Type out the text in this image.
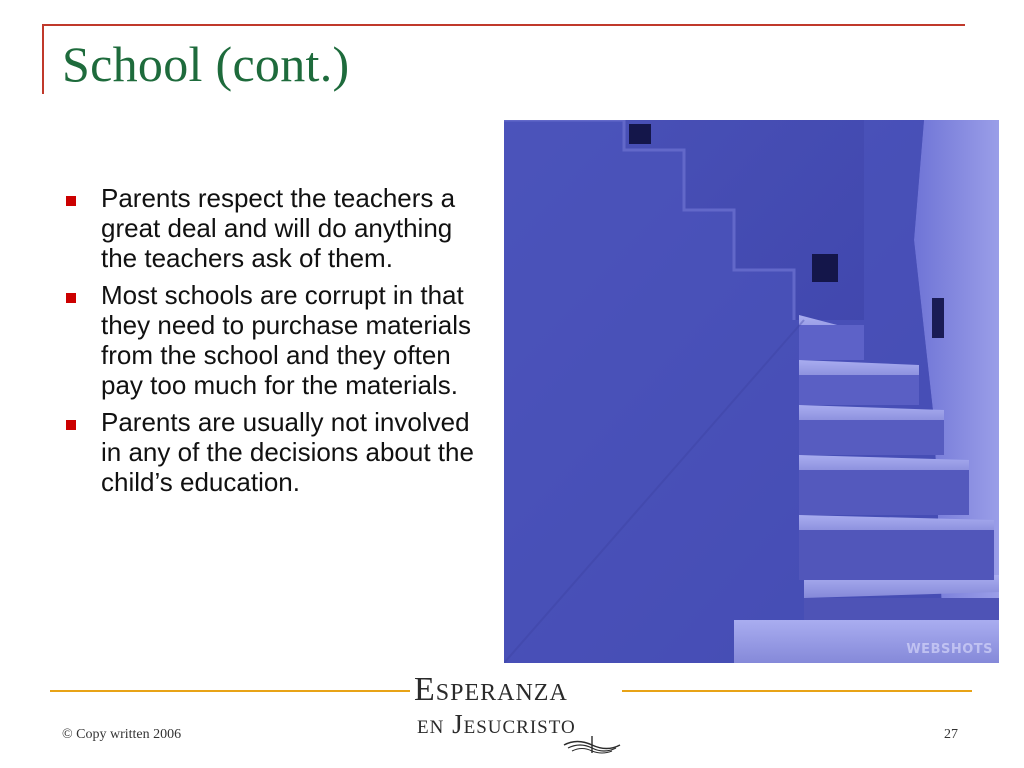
School (cont.)
Parents respect the teachers a great deal and will do anything the teachers ask of them.
Most schools are corrupt in that they need to purchase materials from the school and they often pay too much for the materials.
Parents are usually not involved in any of the decisions about the child’s education.
WEBSHOTS
Esperanza
en Jesucristo
© Copy written 2006	27
